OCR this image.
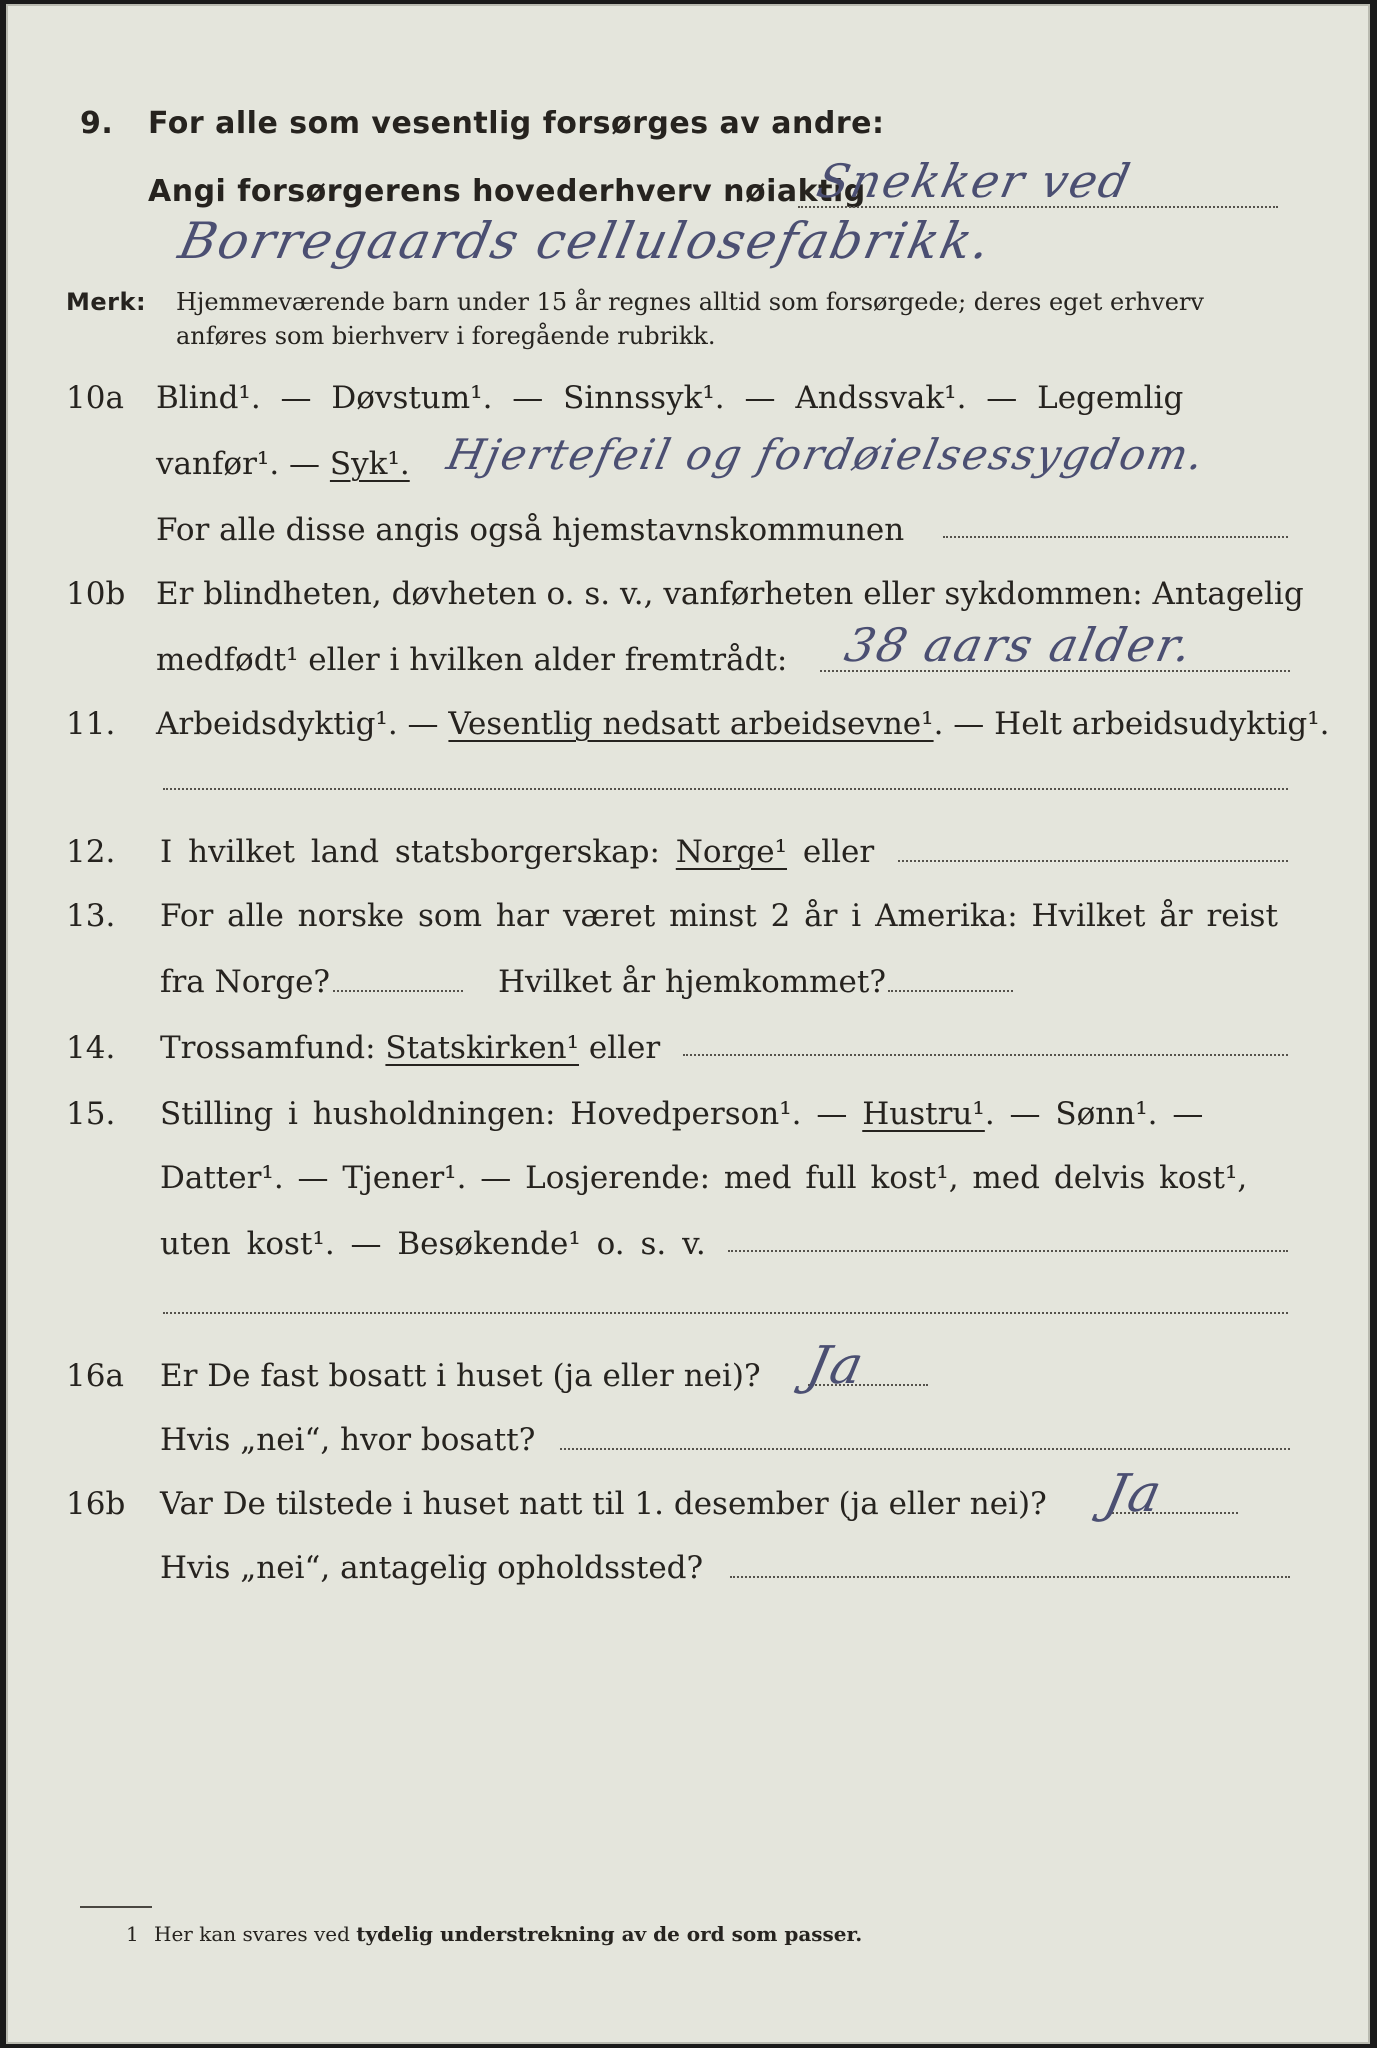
9. For alle som vesentlig forsørges av andre:
Angi forsørgerens hovederhverv nøiaktig
Snekker ved
Borregaards cellulosefabrikk.
Merk: Hjemmeværende barn under 15 år regnes alltid som forsørgede; deres eget erhverv
anføres som bierhverv i foregående rubrikk.
10a Blind¹. — Døvstum¹. — Sinnssyk¹. — Andssvak¹. — Legemlig
vanfør¹. — Syk¹. Hjertefeil og fordøielsessygdom.
For alle disse angis også hjemstavnskommunen
10b Er blindheten, døvheten o. s. v., vanførheten eller sykdommen: Antagelig
medfødt¹ eller i hvilken alder fremtrådt: 38 aars alder.
11. Arbeidsdyktig¹. — Vesentlig nedsatt arbeidsevne¹. — Helt arbeidsudyktig¹.
12. I hvilket land statsborgerskap: Norge¹ eller
13. For alle norske som har været minst 2 år i Amerika: Hvilket år reist
fra Norge?	Hvilket år hjemkommet?
14. Trossamfund: Statskirken¹ eller
15. Stilling i husholdningen: Hovedperson¹. — Hustru¹. — Sønn¹. —
Datter¹. — Tjener¹. — Losjerende: med full kost¹, med delvis kost¹,
uten kost¹. — Besøkende¹ o. s. v.
16a Er De fast bosatt i huset (ja eller nei)? Ja
Hvis „nei“, hvor bosatt?
16b Var De tilstede i huset natt til 1. desember (ja eller nei)? Ja
Hvis „nei“, antagelig opholdssted?
1 Her kan svares ved tydelig understrekning av de ord som passer.
